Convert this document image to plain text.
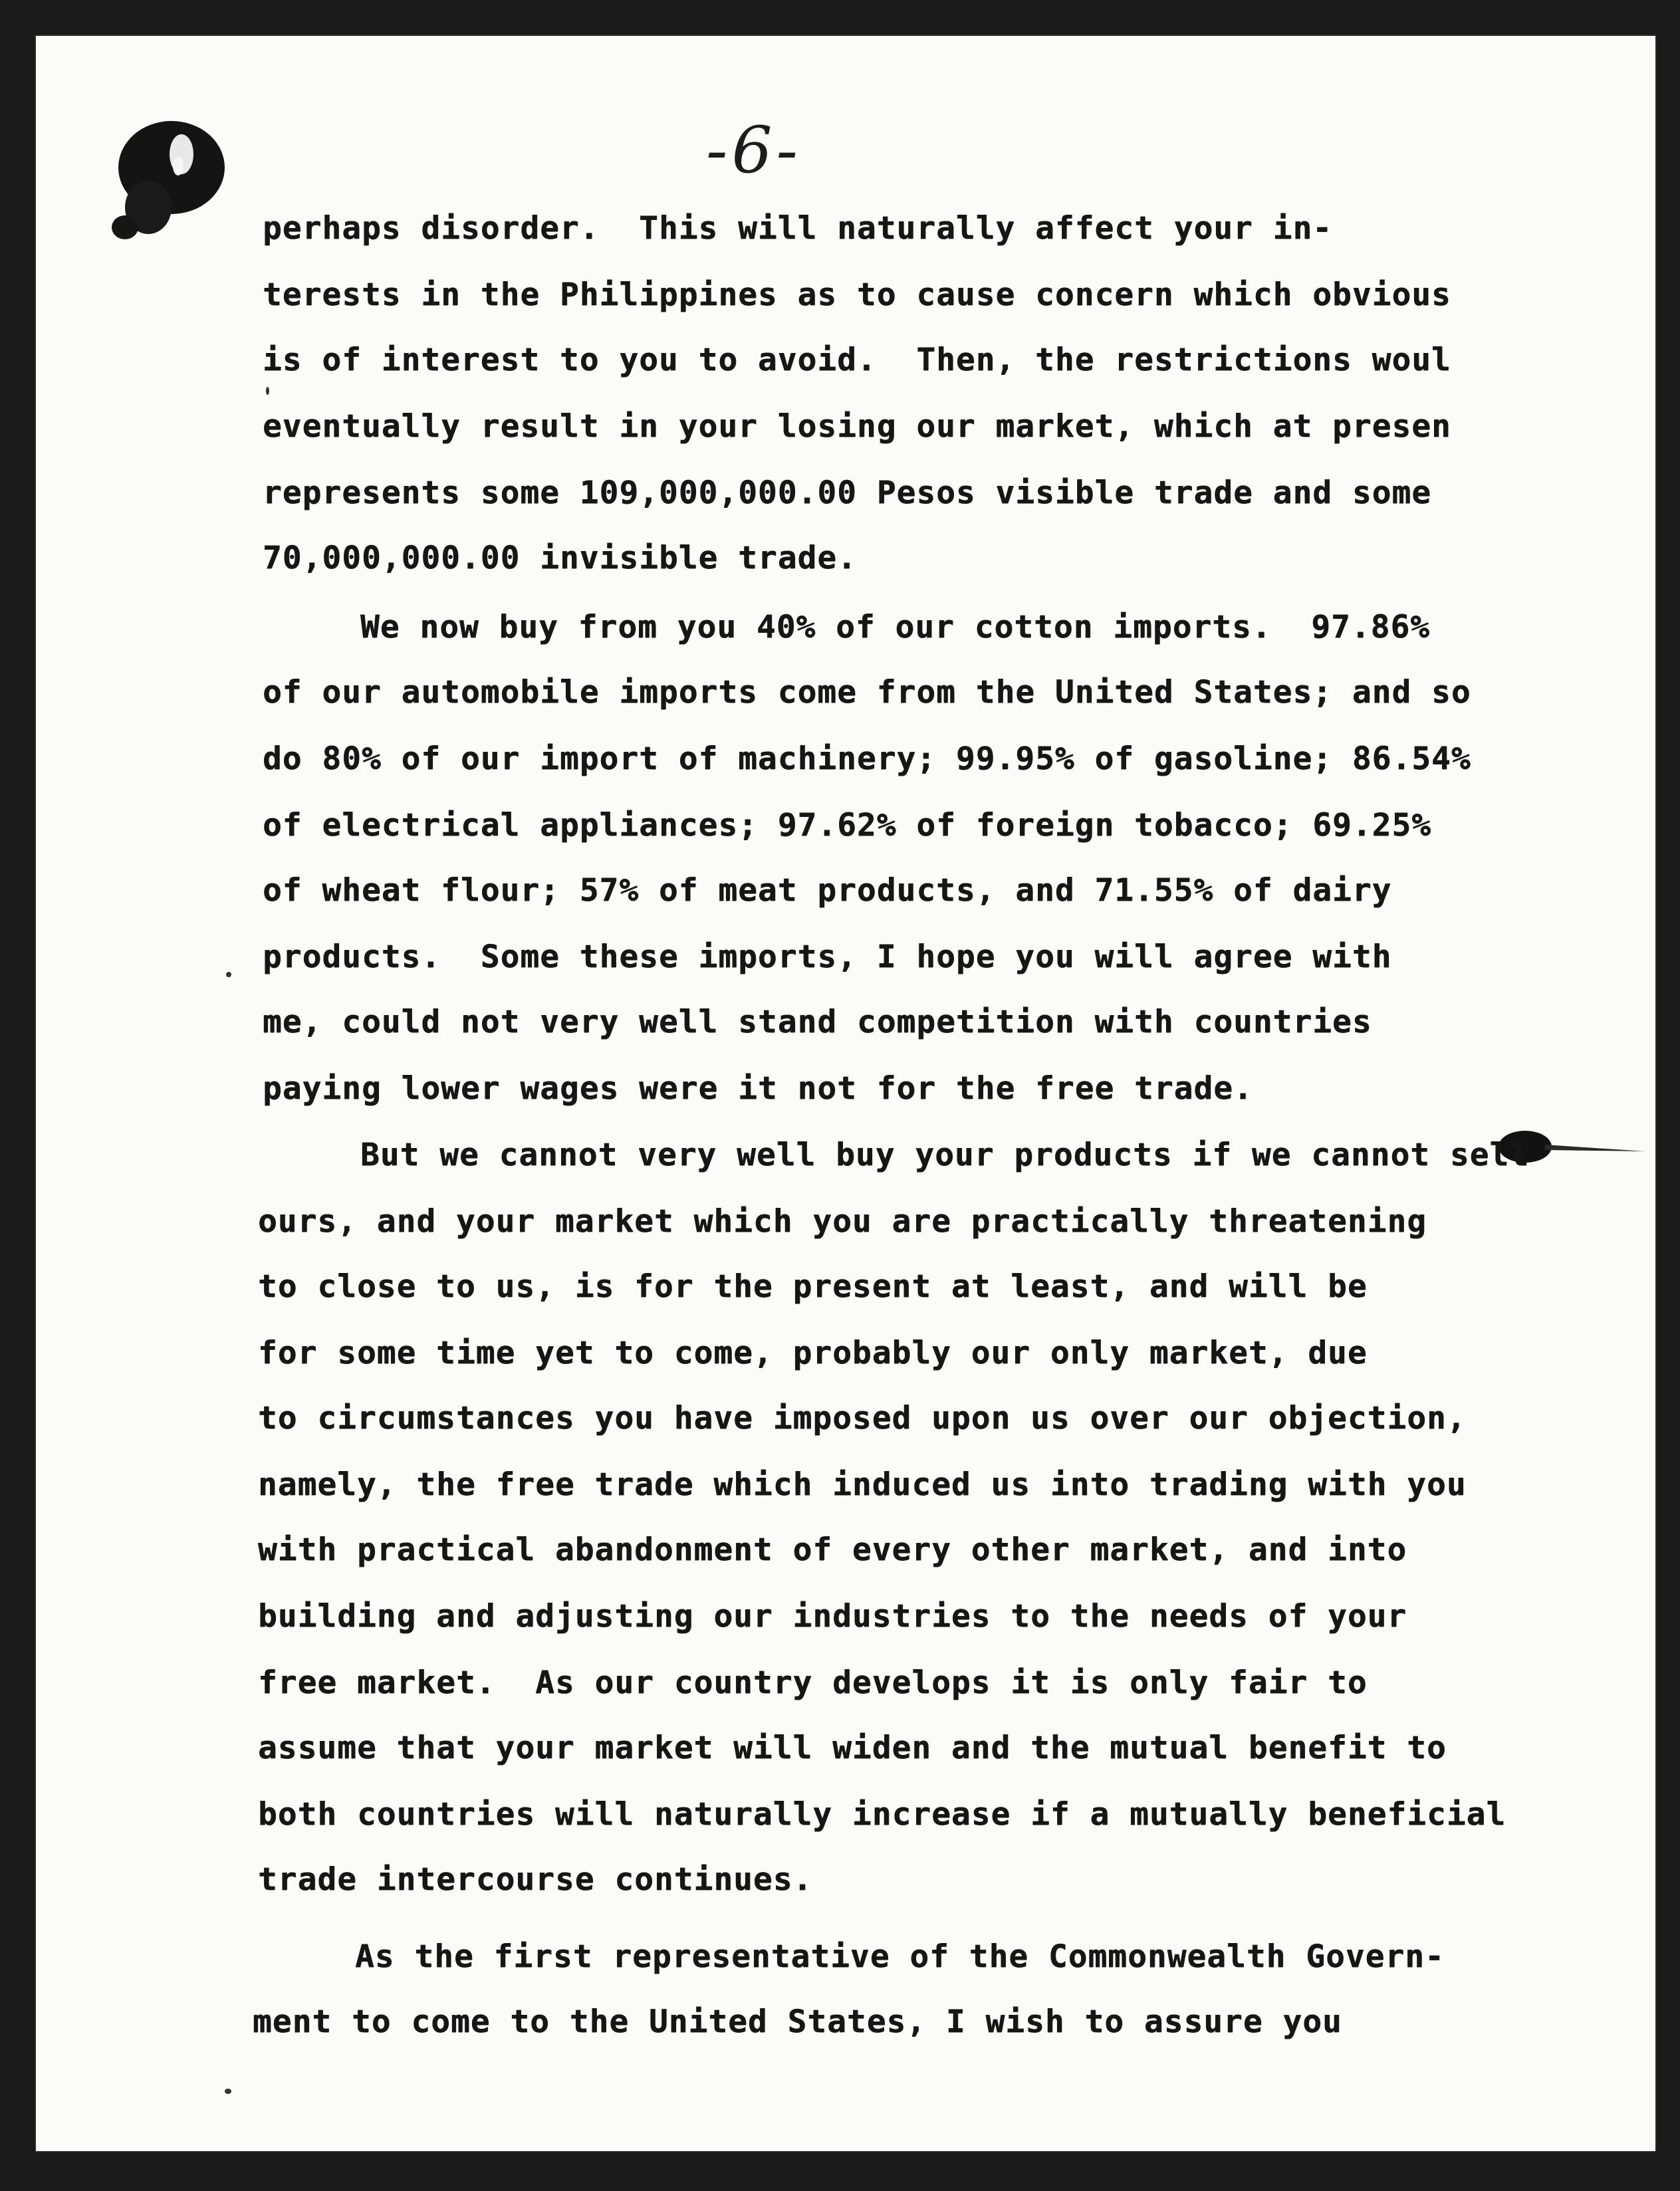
-6-
perhaps disorder.  This will naturally affect your in-
terests in the Philippines as to cause concern which obvious
is of interest to you to avoid.  Then, the restrictions woul
eventually result in your losing our market, which at presen
represents some 109,000,000.00 Pesos visible trade and some
70,000,000.00 invisible trade.
We now buy from you 40% of our cotton imports.  97.86%
of our automobile imports come from the United States; and so
do 80% of our import of machinery; 99.95% of gasoline; 86.54%
of electrical appliances; 97.62% of foreign tobacco; 69.25%
of wheat flour; 57% of meat products, and 71.55% of dairy
products.  Some these imports, I hope you will agree with
me, could not very well stand competition with countries
paying lower wages were it not for the free trade.
But we cannot very well buy your products if we cannot sell
ours, and your market which you are practically threatening
to close to us, is for the present at least, and will be
for some time yet to come, probably our only market, due
to circumstances you have imposed upon us over our objection,
namely, the free trade which induced us into trading with you
with practical abandonment of every other market, and into
building and adjusting our industries to the needs of your
free market.  As our country develops it is only fair to
assume that your market will widen and the mutual benefit to
both countries will naturally increase if a mutually beneficial
trade intercourse continues.
As the first representative of the Commonwealth Govern-
ment to come to the United States, I wish to assure you
